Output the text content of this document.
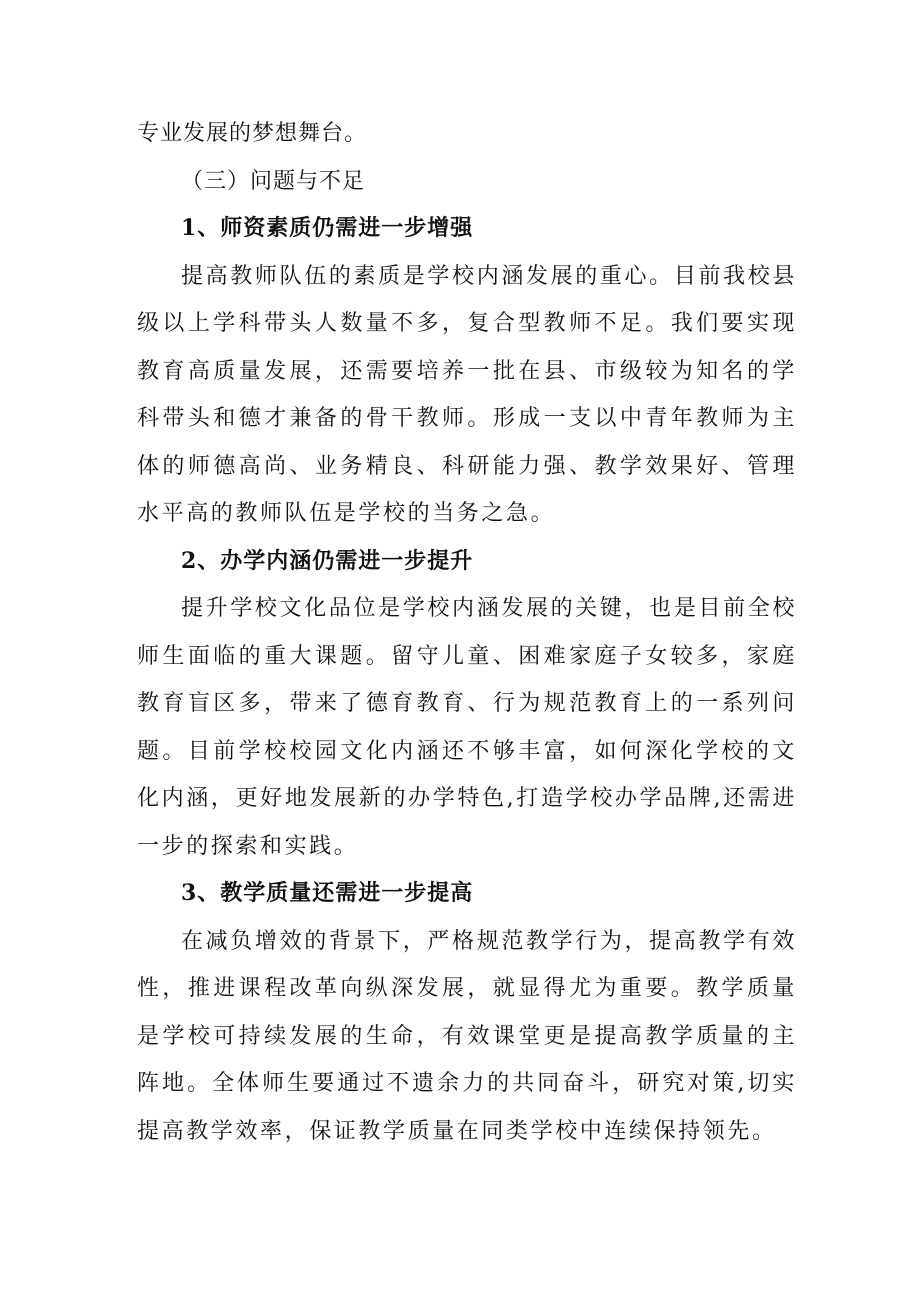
专业发展的梦想舞台。
（三）问题与不足
1、师资素质仍需进一步增强
提高教师队伍的素质是学校内涵发展的重心。目前我校县级以上学科带头人数量不多，复合型教师不足。我们要实现教育高质量发展，还需要培养一批在县、市级较为知名的学科带头和德才兼备的骨干教师。形成一支以中青年教师为主体的师德高尚、业务精良、科研能力强、教学效果好、管理水平高的教师队伍是学校的当务之急。
2、办学内涵仍需进一步提升
提升学校文化品位是学校内涵发展的关键，也是目前全校师生面临的重大课题。留守儿童、困难家庭子女较多，家庭教育盲区多，带来了德育教育、行为规范教育上的一系列问题。目前学校校园文化内涵还不够丰富，如何深化学校的文化内涵，更好地发展新的办学特色,打造学校办学品牌,还需进一步的探索和实践。
3、教学质量还需进一步提高
在减负增效的背景下，严格规范教学行为，提高教学有效性，推进课程改革向纵深发展，就显得尤为重要。教学质量是学校可持续发展的生命，有效课堂更是提高教学质量的主阵地。全体师生要通过不遗余力的共同奋斗，研究对策,切实提高教学效率，保证教学质量在同类学校中连续保持领先。
